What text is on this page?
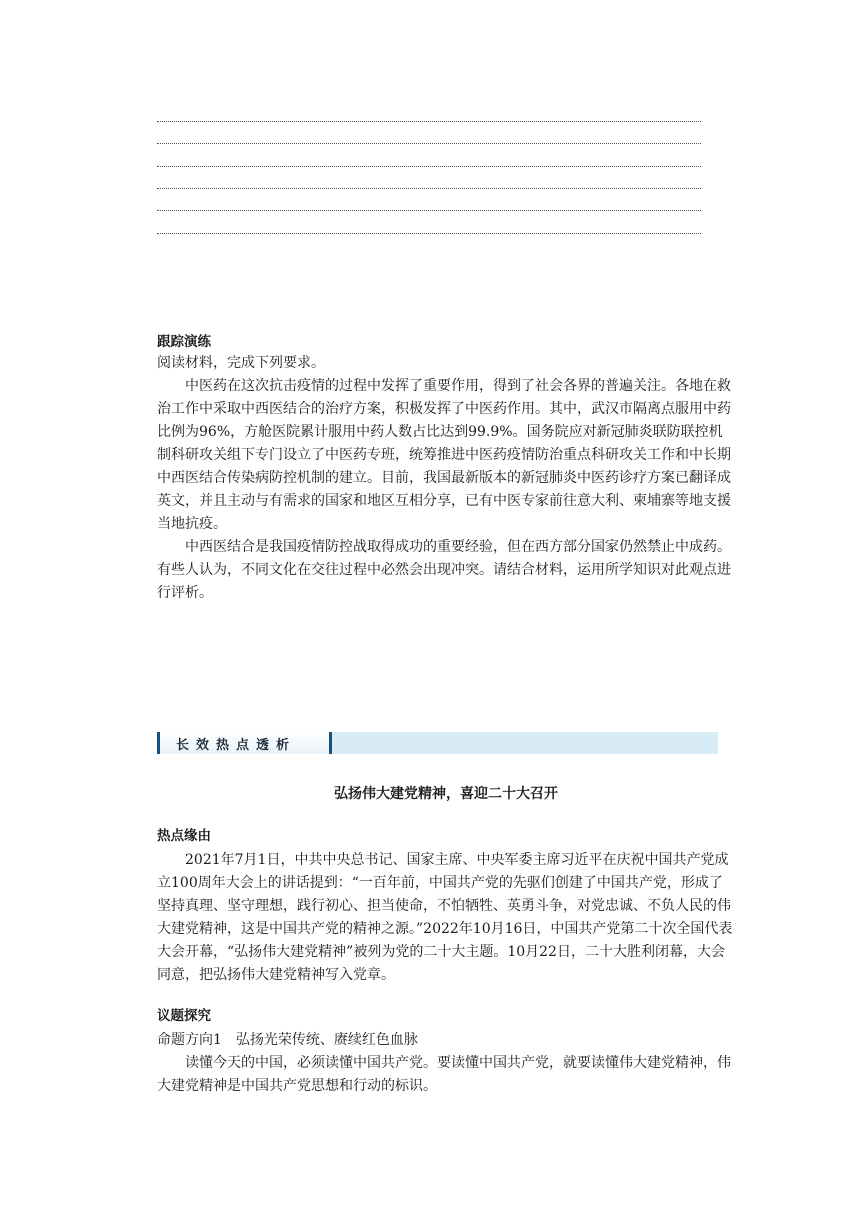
跟踪演练
阅读材料，完成下列要求。
中医药在这次抗击疫情的过程中发挥了重要作用，得到了社会各界的普遍关注。各地在救治工作中采取中西医结合的治疗方案，积极发挥了中医药作用。其中，武汉市隔离点服用中药比例为96%，方舱医院累计服用中药人数占比达到99.9%。国务院应对新冠肺炎联防联控机制科研攻关组下专门设立了中医药专班，统筹推进中医药疫情防治重点科研攻关工作和中长期中西医结合传染病防控机制的建立。目前，我国最新版本的新冠肺炎中医药诊疗方案已翻译成英文，并且主动与有需求的国家和地区互相分享，已有中医专家前往意大利、柬埔寨等地支援当地抗疫。
中西医结合是我国疫情防控战取得成功的重要经验，但在西方部分国家仍然禁止中成药。有些人认为，不同文化在交往过程中必然会出现冲突。请结合材料，运用所学知识对此观点进行评析。
长效热点透析
弘扬伟大建党精神，喜迎二十大召开
热点缘由
2021年7月1日，中共中央总书记、国家主席、中央军委主席习近平在庆祝中国共产党成立100周年大会上的讲话提到：“一百年前，中国共产党的先驱们创建了中国共产党，形成了坚持真理、坚守理想，践行初心、担当使命，不怕牺牲、英勇斗争，对党忠诚、不负人民的伟大建党精神，这是中国共产党的精神之源。”2022年10月16日，中国共产党第二十次全国代表大会开幕，“弘扬伟大建党精神”被列为党的二十大主题。10月22日，二十大胜利闭幕，大会同意，把弘扬伟大建党精神写入党章。
议题探究
命题方向1　弘扬光荣传统、赓续红色血脉
读懂今天的中国，必须读懂中国共产党。要读懂中国共产党，就要读懂伟大建党精神，伟大建党精神是中国共产党思想和行动的标识。
